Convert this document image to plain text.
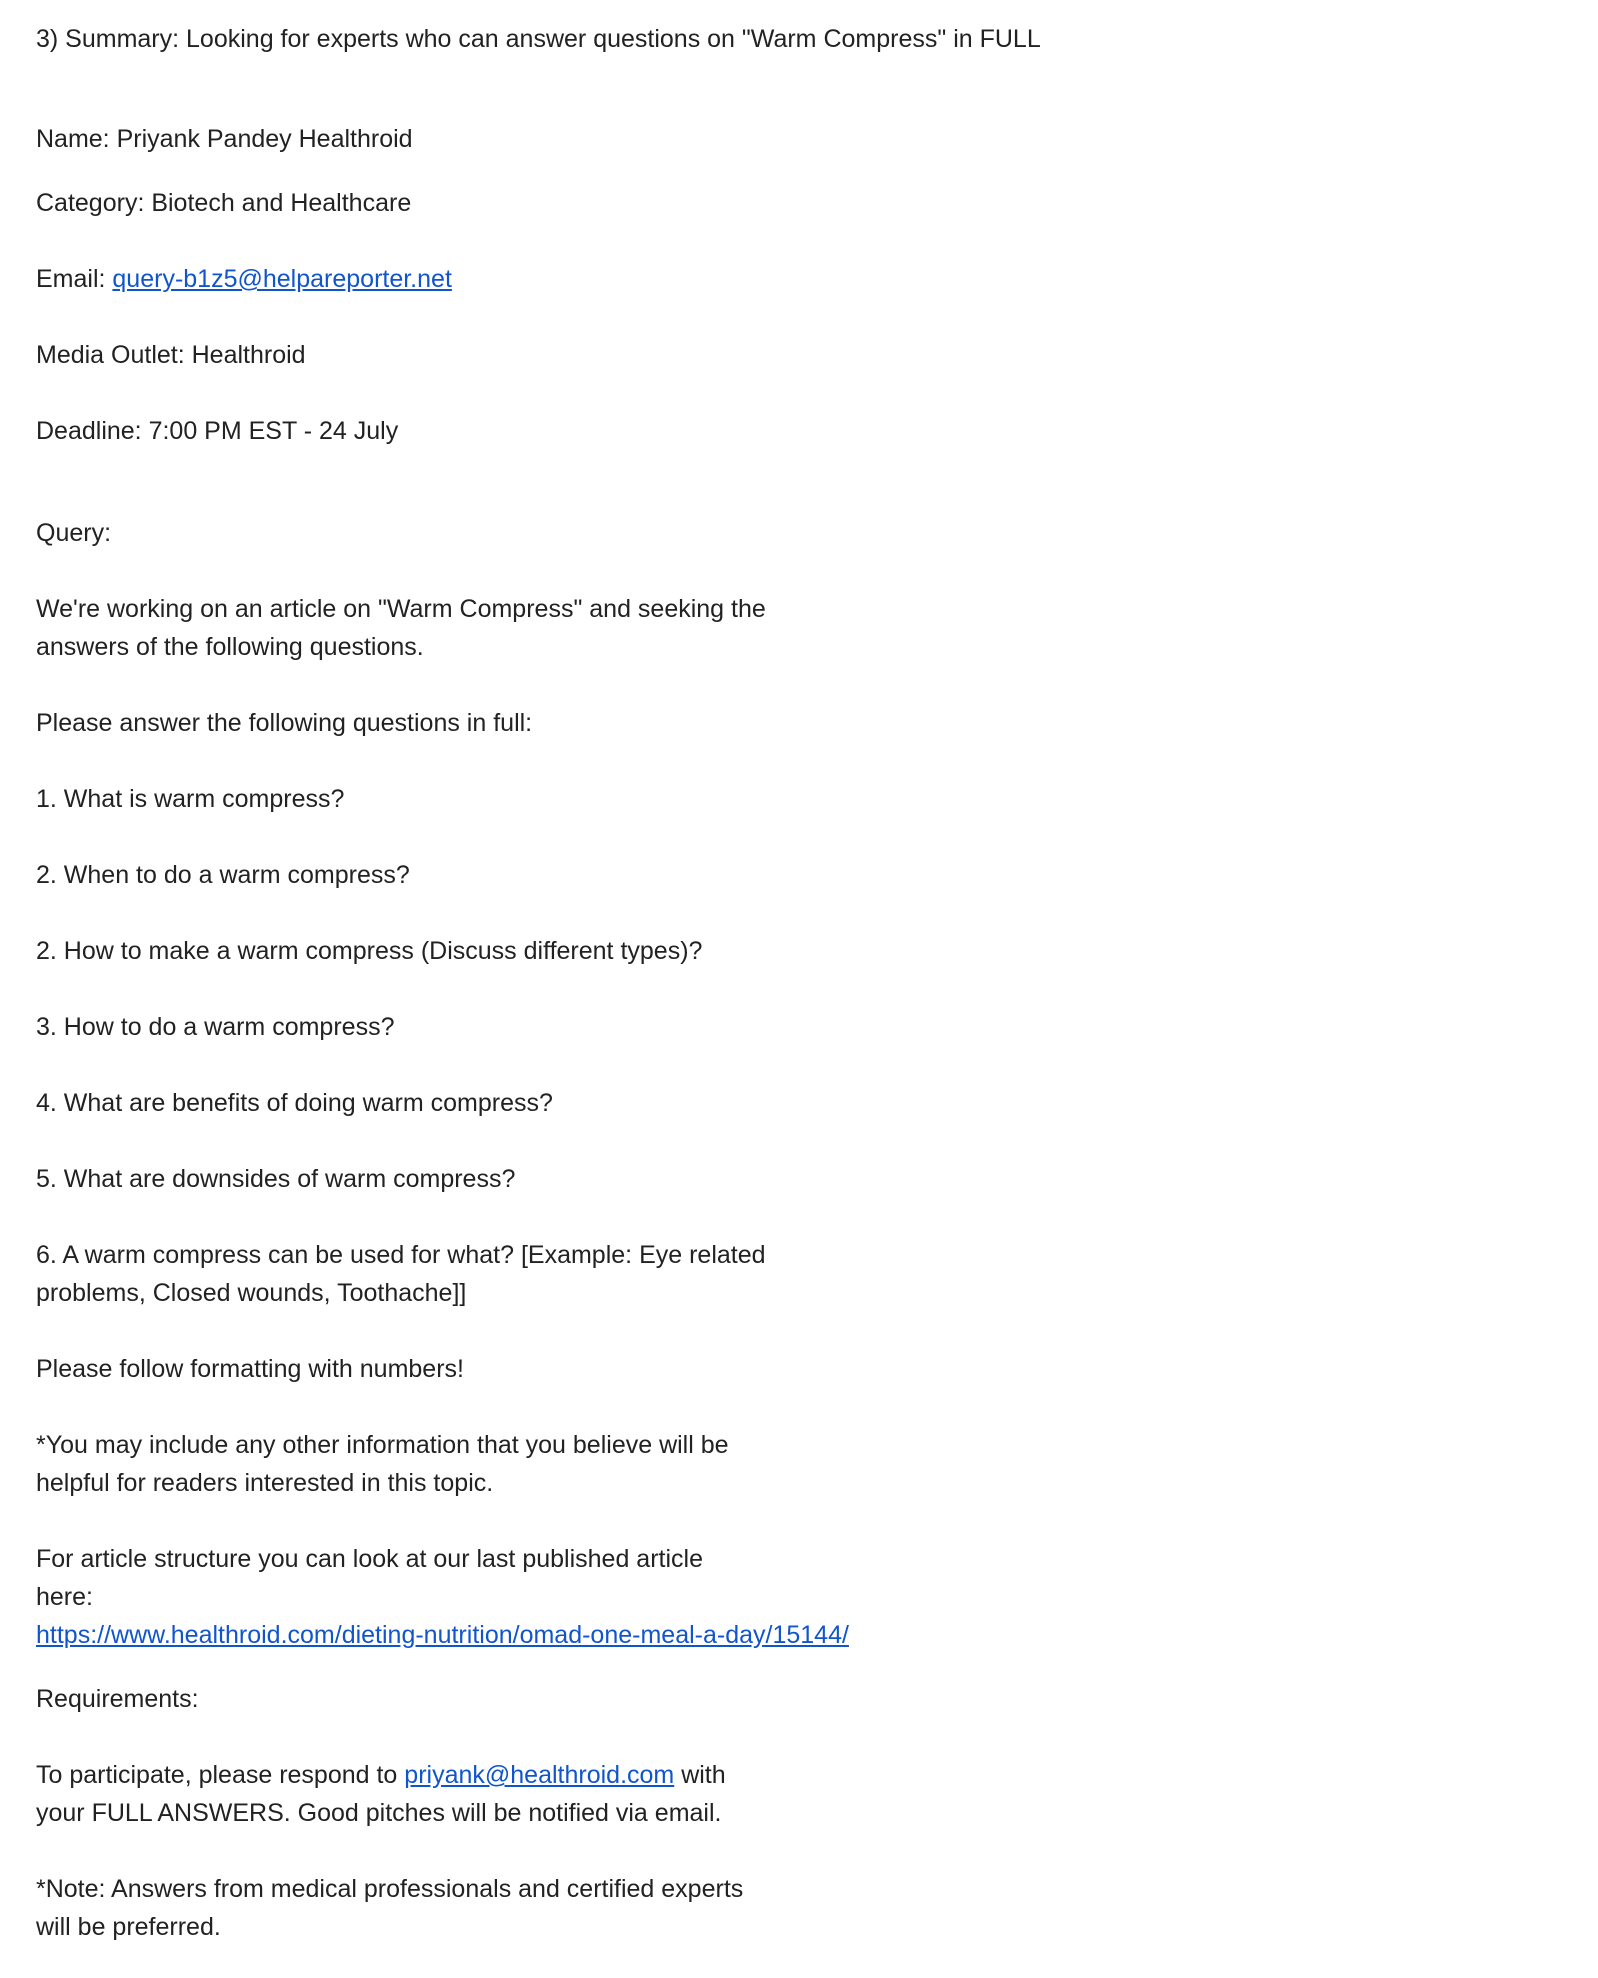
3) Summary: Looking for experts who can answer questions on "Warm Compress" in FULL
Name: Priyank Pandey Healthroid
Category: Biotech and Healthcare
Email: query-b1z5@helpareporter.net
Media Outlet: Healthroid
Deadline: 7:00 PM EST - 24 July
Query:
We're working on an article on "Warm Compress" and seeking the
answers of the following questions.
Please answer the following questions in full:
1. What is warm compress?
2. When to do a warm compress?
2. How to make a warm compress (Discuss different types)?
3. How to do a warm compress?
4. What are benefits of doing warm compress?
5. What are downsides of warm compress?
6. A warm compress can be used for what? [Example: Eye related
problems, Closed wounds, Toothache]]
Please follow formatting with numbers!
*You may include any other information that you believe will be
helpful for readers interested in this topic.
For article structure you can look at our last published article
here:
https://www.healthroid.com/dieting-nutrition/omad-one-meal-a-day/15144/
Requirements:
To participate, please respond to priyank@healthroid.com with
your FULL ANSWERS. Good pitches will be notified via email.
*Note: Answers from medical professionals and certified experts
will be preferred.
